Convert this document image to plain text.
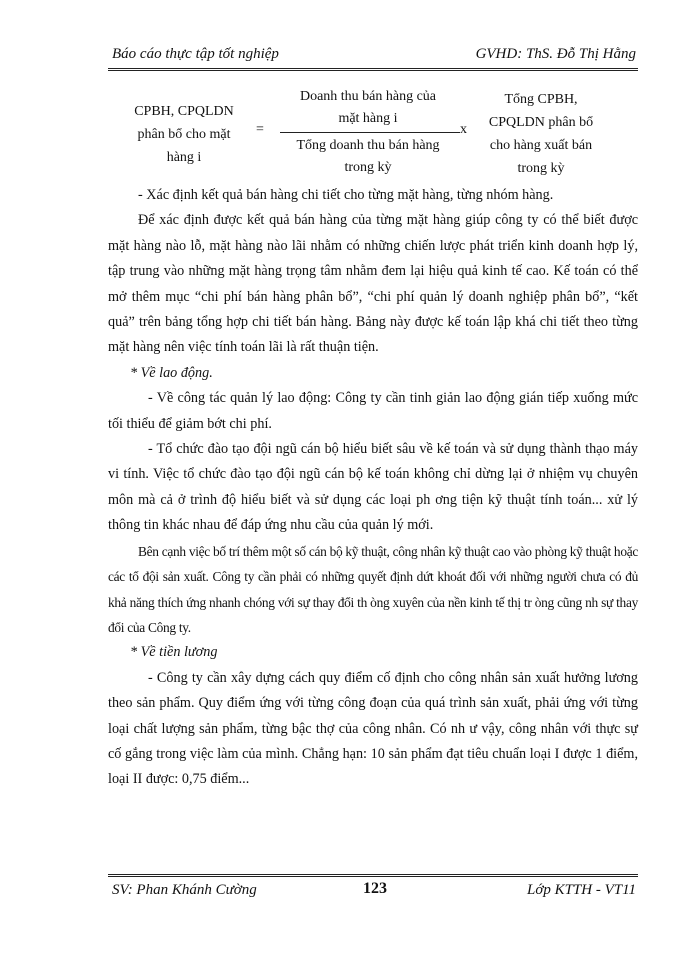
Báo cáo thực tập tốt nghiệp	GVHD: ThS. Đỗ Thị Hằng
CPBH, CPQLDN
phân bổ cho mặt
hàng i
=
Doanh thu bán hàng của
mặt hàng i
Tổng doanh thu bán hàng
trong kỳ
x
Tổng CPBH,
CPQLDN phân bổ
cho hàng xuất bán
trong kỳ

- Xác định kết quả bán hàng chi tiết cho từng mặt hàng, từng nhóm hàng.

Để xác định được kết quả bán hàng của từng mặt hàng giúp công ty có thể biết được mặt hàng nào lỗ, mặt hàng nào lãi nhằm có những chiến lược phát triển kinh doanh hợp lý, tập trung vào những mặt hàng trọng tâm nhằm đem lại hiệu quả kinh tế cao. Kế toán có thể mở thêm mục “chi phí bán hàng phân bổ”, “chi phí quản lý doanh nghiệp phân bổ”, “kết quả” trên bảng tổng hợp chi tiết bán hàng. Bảng này được kế toán lập khá chi tiết theo từng mặt hàng nên việc tính toán lãi là rất thuận tiện.

* Về lao động.

- Về công tác quản lý lao động: Công ty cần tinh giản lao động gián tiếp xuống mức tối thiểu để giảm bớt chi phí.

- Tổ chức đào tạo đội ngũ cán bộ hiểu biết sâu về kế toán và sử dụng thành thạo máy vi tính. Việc tổ chức đào tạo đội ngũ cán bộ kế toán không chỉ dừng lại ở nhiệm vụ chuyên môn mà cả ở trình độ hiểu biết và sử dụng các loại ph ơng tiện kỹ thuật tính toán... xử lý thông tin khác nhau để đáp ứng nhu cầu của quản lý mới.

Bên cạnh việc bố trí thêm một số cán bộ kỹ thuật, công nhân kỹ thuật cao vào phòng kỹ thuật hoặc các tổ đội sản xuất. Công ty cần phải có những quyết định dứt khoát đối với những người chưa có đủ khả năng thích ứng nhanh chóng với sự thay đổi th òng xuyên của nền kinh tế thị tr òng cũng nh sự thay đổi của Công ty.

* Về tiền lương

- Công ty cần xây dựng cách quy điểm cố định cho công nhân sản xuất hưởng lương theo sản phẩm. Quy điểm ứng với từng công đoạn của quá trình sản xuất, phải ứng với từng loại chất lượng sản phẩm, từng bậc thợ của công nhân. Có nh ư vậy, công nhân với thực sự cố gắng trong việc làm của mình. Chẳng hạn: 10 sản phẩm đạt tiêu chuẩn loại I được 1 điểm, loại II được: 0,75 điểm...

SV: Phan Khánh Cường	123	Lớp KTTH - VT11
